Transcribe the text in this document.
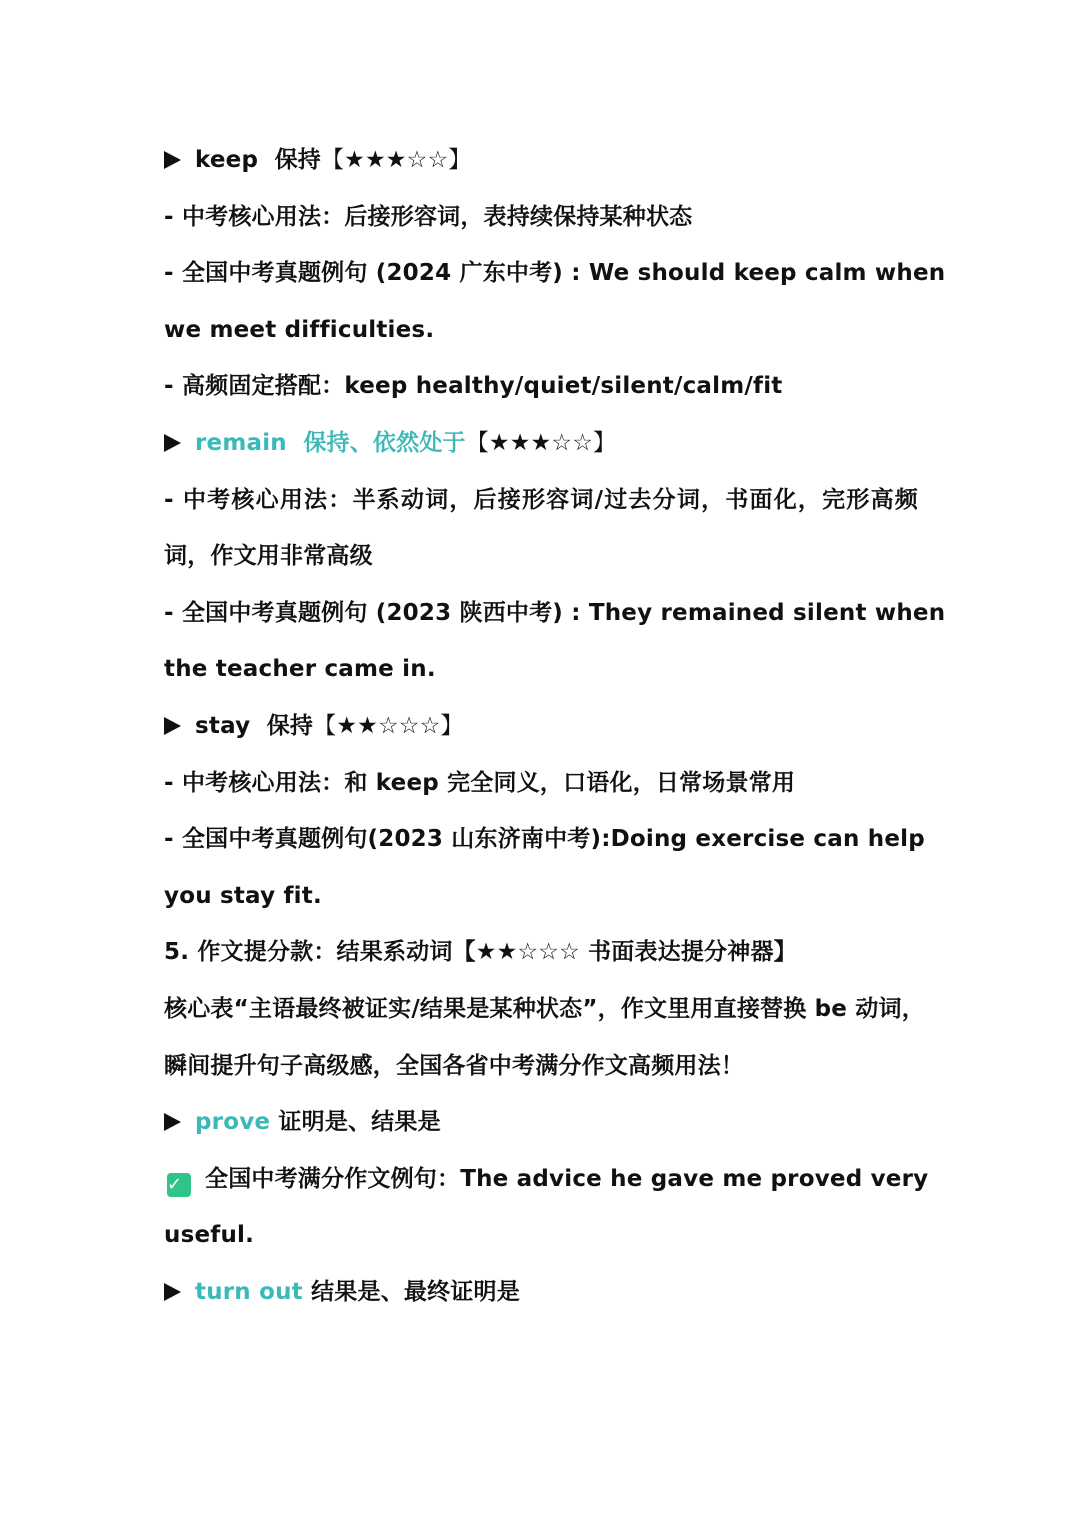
keep 保持【★★★☆☆】
- 中考核心用法：后接形容词，表持续保持某种状态
- 全国中考真题例句 (2024 广东中考) : We should keep calm when
we meet difficulties.
- 高频固定搭配：keep healthy/quiet/silent/calm/fit
remain 保持、依然处于【★★★☆☆】
- 中考核心用法：半系动词，后接形容词/过去分词，书面化，完形高频
词，作文用非常高级
- 全国中考真题例句 (2023 陕西中考) : They remained silent when
the teacher came in.
stay 保持【★★☆☆☆】
- 中考核心用法：和 keep 完全同义，口语化，日常场景常用
- 全国中考真题例句(2023 山东济南中考):Doing exercise can help
you stay fit.
5. 作文提分款：结果系动词【★★☆☆☆ 书面表达提分神器】
核心表“主语最终被证实/结果是某种状态”，作文里用直接替换 be 动词，
瞬间提升句子高级感，全国各省中考满分作文高频用法！
prove 证明是、结果是
✓ 全国中考满分作文例句：The advice he gave me proved very
useful.
turn out 结果是、最终证明是
